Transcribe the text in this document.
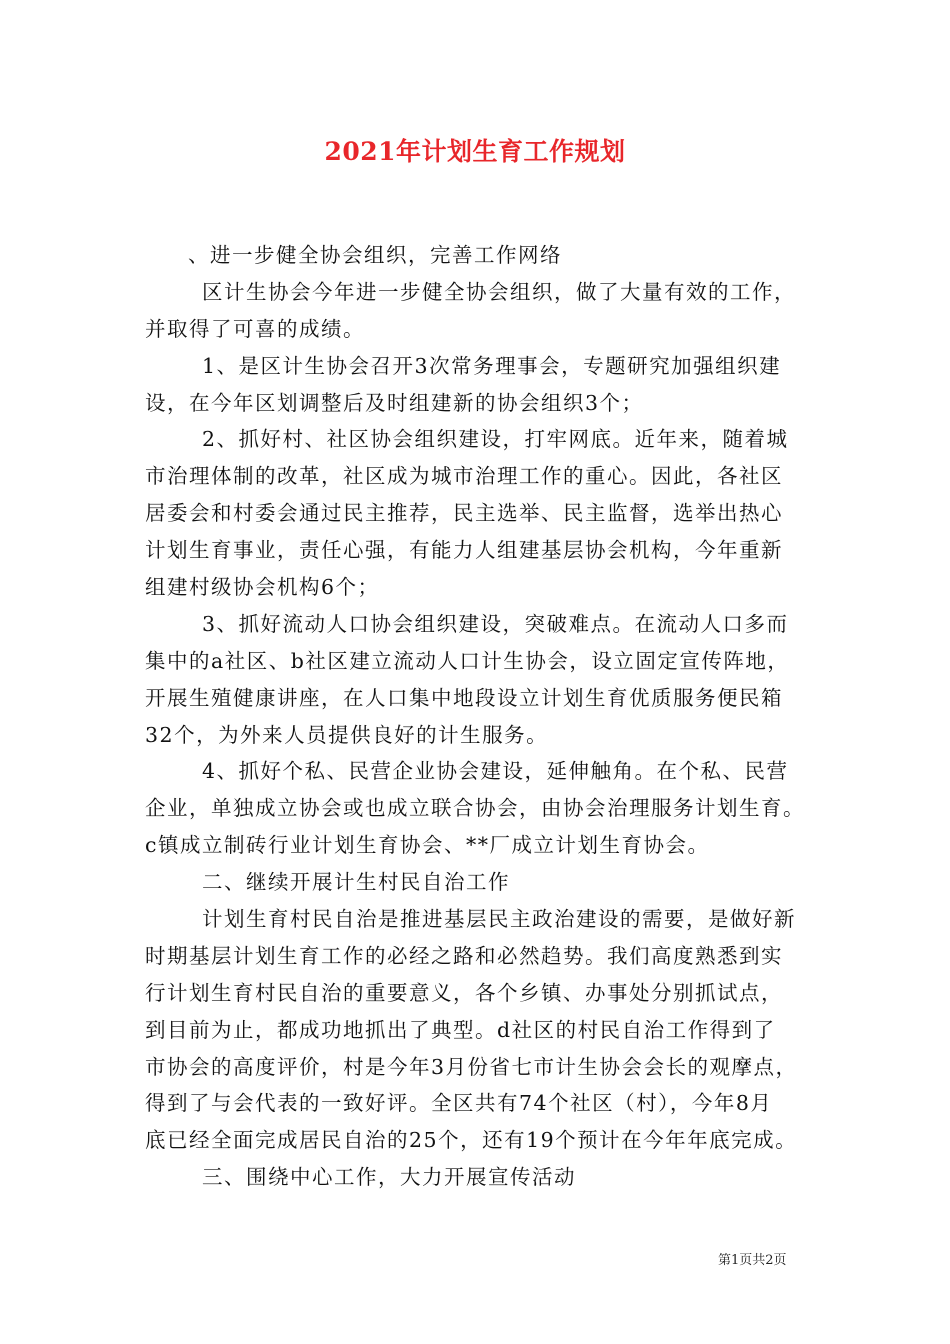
2021年计划生育工作规划
、进一步健全协会组织，完善工作网络
区计生协会今年进一步健全协会组织，做了大量有效的工作，
并取得了可喜的成绩。
1、是区计生协会召开3次常务理事会，专题研究加强组织建
设，在今年区划调整后及时组建新的协会组织3个；
2、抓好村、社区协会组织建设，打牢网底。近年来，随着城
市治理体制的改革，社区成为城市治理工作的重心。因此，各社区
居委会和村委会通过民主推荐，民主选举、民主监督，选举出热心
计划生育事业，责任心强，有能力人组建基层协会机构，今年重新
组建村级协会机构6个；
3、抓好流动人口协会组织建设，突破难点。在流动人口多而
集中的a社区、b社区建立流动人口计生协会，设立固定宣传阵地，
开展生殖健康讲座，在人口集中地段设立计划生育优质服务便民箱
32个，为外来人员提供良好的计生服务。
4、抓好个私、民营企业协会建设，延伸触角。在个私、民营
企业，单独成立协会或也成立联合协会，由协会治理服务计划生育。
c镇成立制砖行业计划生育协会、**厂成立计划生育协会。
二、继续开展计生村民自治工作
计划生育村民自治是推进基层民主政治建设的需要，是做好新
时期基层计划生育工作的必经之路和必然趋势。我们高度熟悉到实
行计划生育村民自治的重要意义，各个乡镇、办事处分别抓试点，
到目前为止，都成功地抓出了典型。d社区的村民自治工作得到了
市协会的高度评价，村是今年3月份省七市计生协会会长的观摩点，
得到了与会代表的一致好评。全区共有74个社区（村），今年8月
底已经全面完成居民自治的25个，还有19个预计在今年年底完成。
三、围绕中心工作，大力开展宣传活动
第1页共2页
